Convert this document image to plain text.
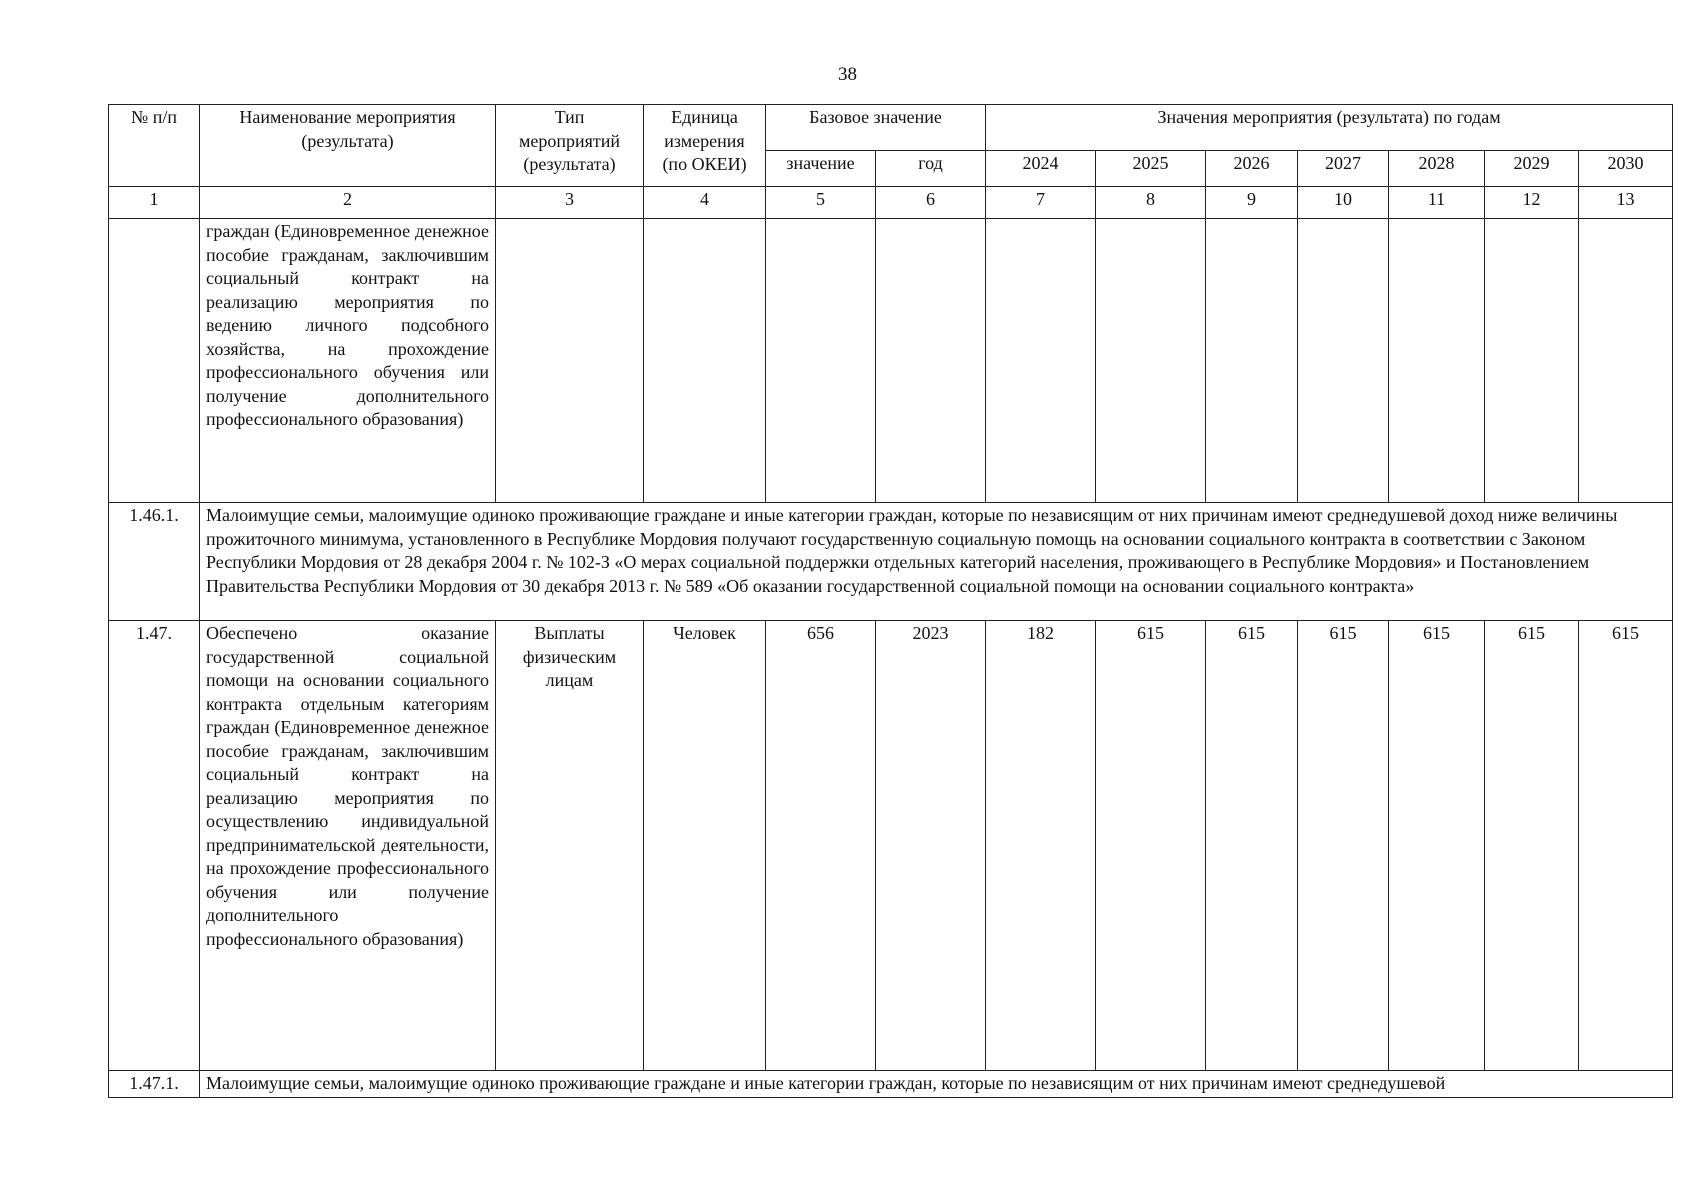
38
№ п/п	Наименование мероприятия (результата)	Тип мероприятий (результата)	Единица измерения (по ОКЕИ)	Базовое значение		Значения мероприятия (результата) по годам						
				значение	год	2024	2025	2026	2027	2028	2029	2030
1	2	3	4	5	6	7	8	9	10	11	12	13
	граждан (Единовременное денежное пособие гражданам, заключившим социальный контракт на реализацию мероприятия по ведению личного подсобного хозяйства, на прохождение профессионального обучения или получение дополнительного профессионального образования)											
1.46.1.	Малоимущие семьи, малоимущие одиноко проживающие граждане и иные категории граждан, которые по независящим от них причинам имеют среднедушевой доход ниже величины прожиточного минимума, установленного в Республике Мордовия получают государственную социальную помощь на основании социального контракта в соответствии с Законом Республики Мордовия от 28 декабря 2004 г. № 102-З «О мерах социальной поддержки отдельных категорий населения, проживающего в Республике Мордовия» и Постановлением Правительства Республики Мордовия от 30 декабря 2013 г. № 589 «Об оказании государственной социальной помощи на основании социального контракта»											
1.47.	Обеспечено оказание государственной социальной помощи на основании социального контракта отдельным категориям граждан (Единовременное денежное пособие гражданам, заключившим социальный контракт на реализацию мероприятия по осуществлению индивидуальной предпринимательской деятельности, на прохождение профессионального обучения или получение дополнительного профессионального образования)	Выплаты физическим лицам	Человек	656	2023	182	615	615	615	615	615	615
1.47.1.	Малоимущие семьи, малоимущие одиноко проживающие граждане и иные категории граждан, которые по независящим от них причинам имеют среднедушевой											
